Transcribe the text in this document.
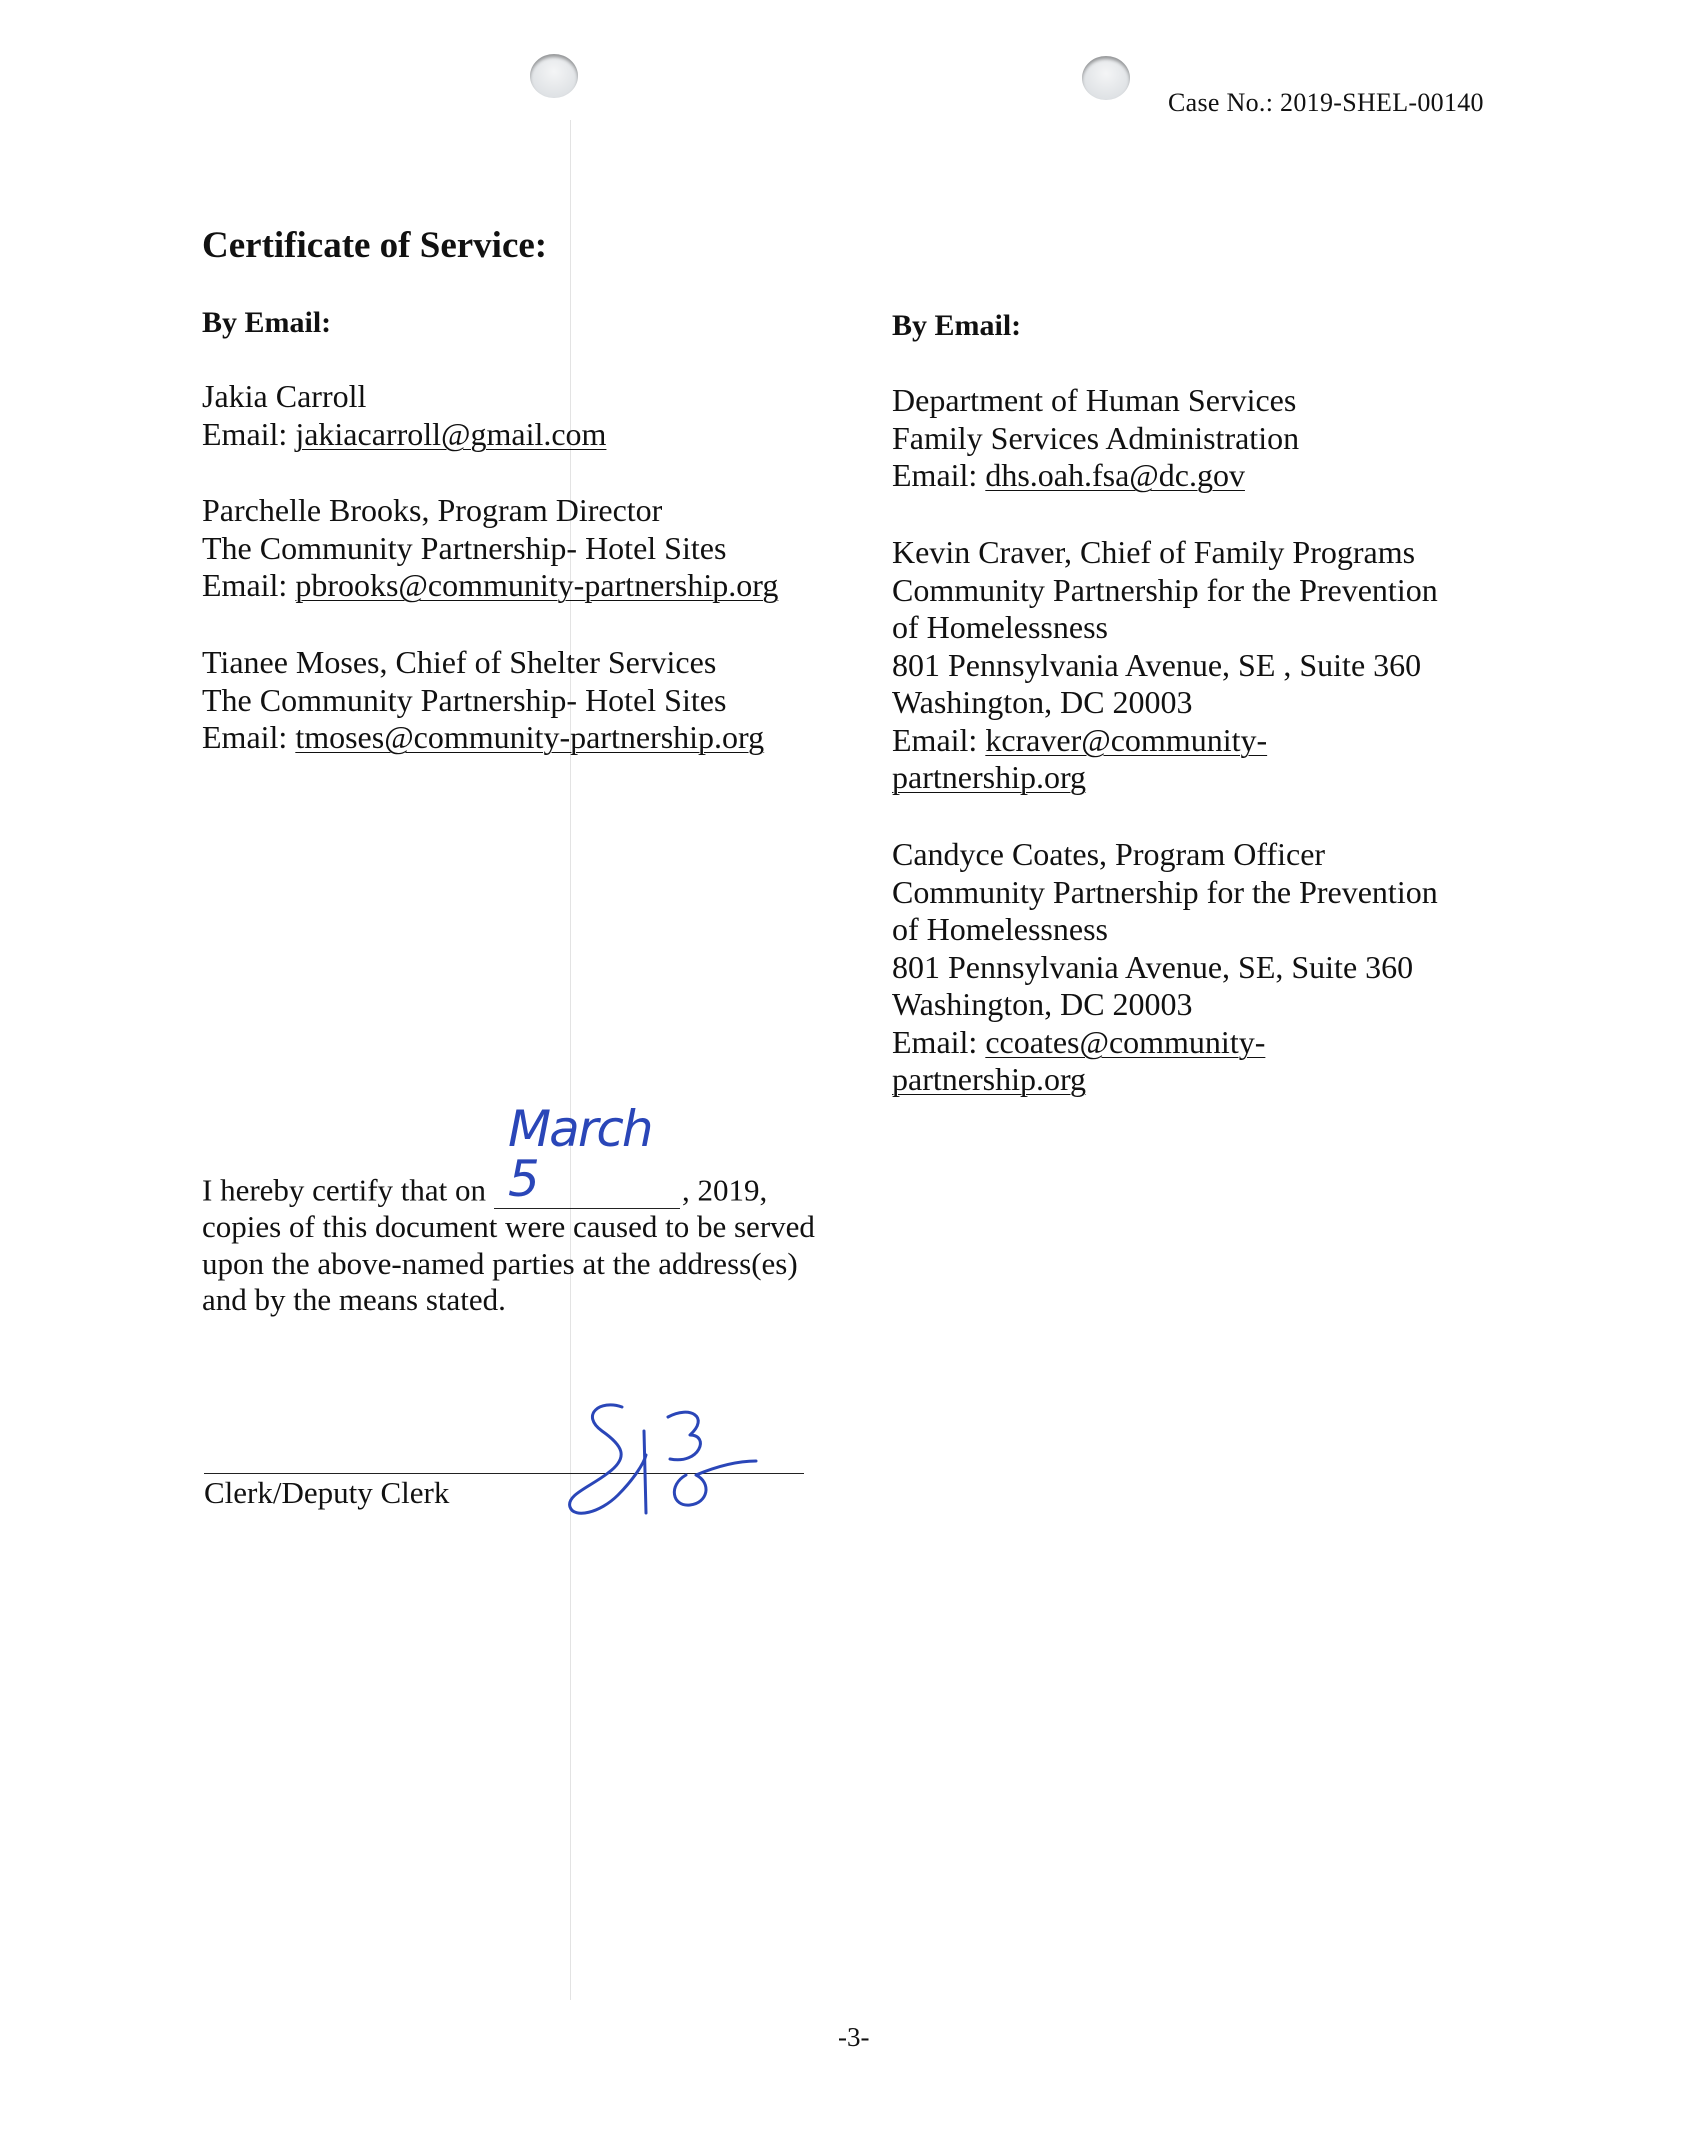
Case No.: 2019-SHEL-00140
Certificate of Service:
By Email:
Jakia Carroll
Email: jakiacarroll@gmail.com
Parchelle Brooks, Program Director
The Community Partnership- Hotel Sites
Email: pbrooks@community-partnership.org
Tianee Moses, Chief of Shelter Services
The Community Partnership- Hotel Sites
Email: tmoses@community-partnership.org
By Email:
Department of Human Services
Family Services Administration
Email: dhs.oah.fsa@dc.gov
Kevin Craver, Chief of Family Programs
Community Partnership for the Prevention
of Homelessness
801 Pennsylvania Avenue, SE , Suite 360
Washington, DC 20003
Email: kcraver@community-
partnership.org
Candyce Coates, Program Officer
Community Partnership for the Prevention
of Homelessness
801 Pennsylvania Avenue, SE, Suite 360
Washington, DC 20003
Email: ccoates@community-
partnership.org
I hereby certify that on
March 5	, 2019,
copies of this document were caused to be served
upon the above-named parties at the address(es)
and by the means stated.
Clerk/Deputy Clerk
-3-
